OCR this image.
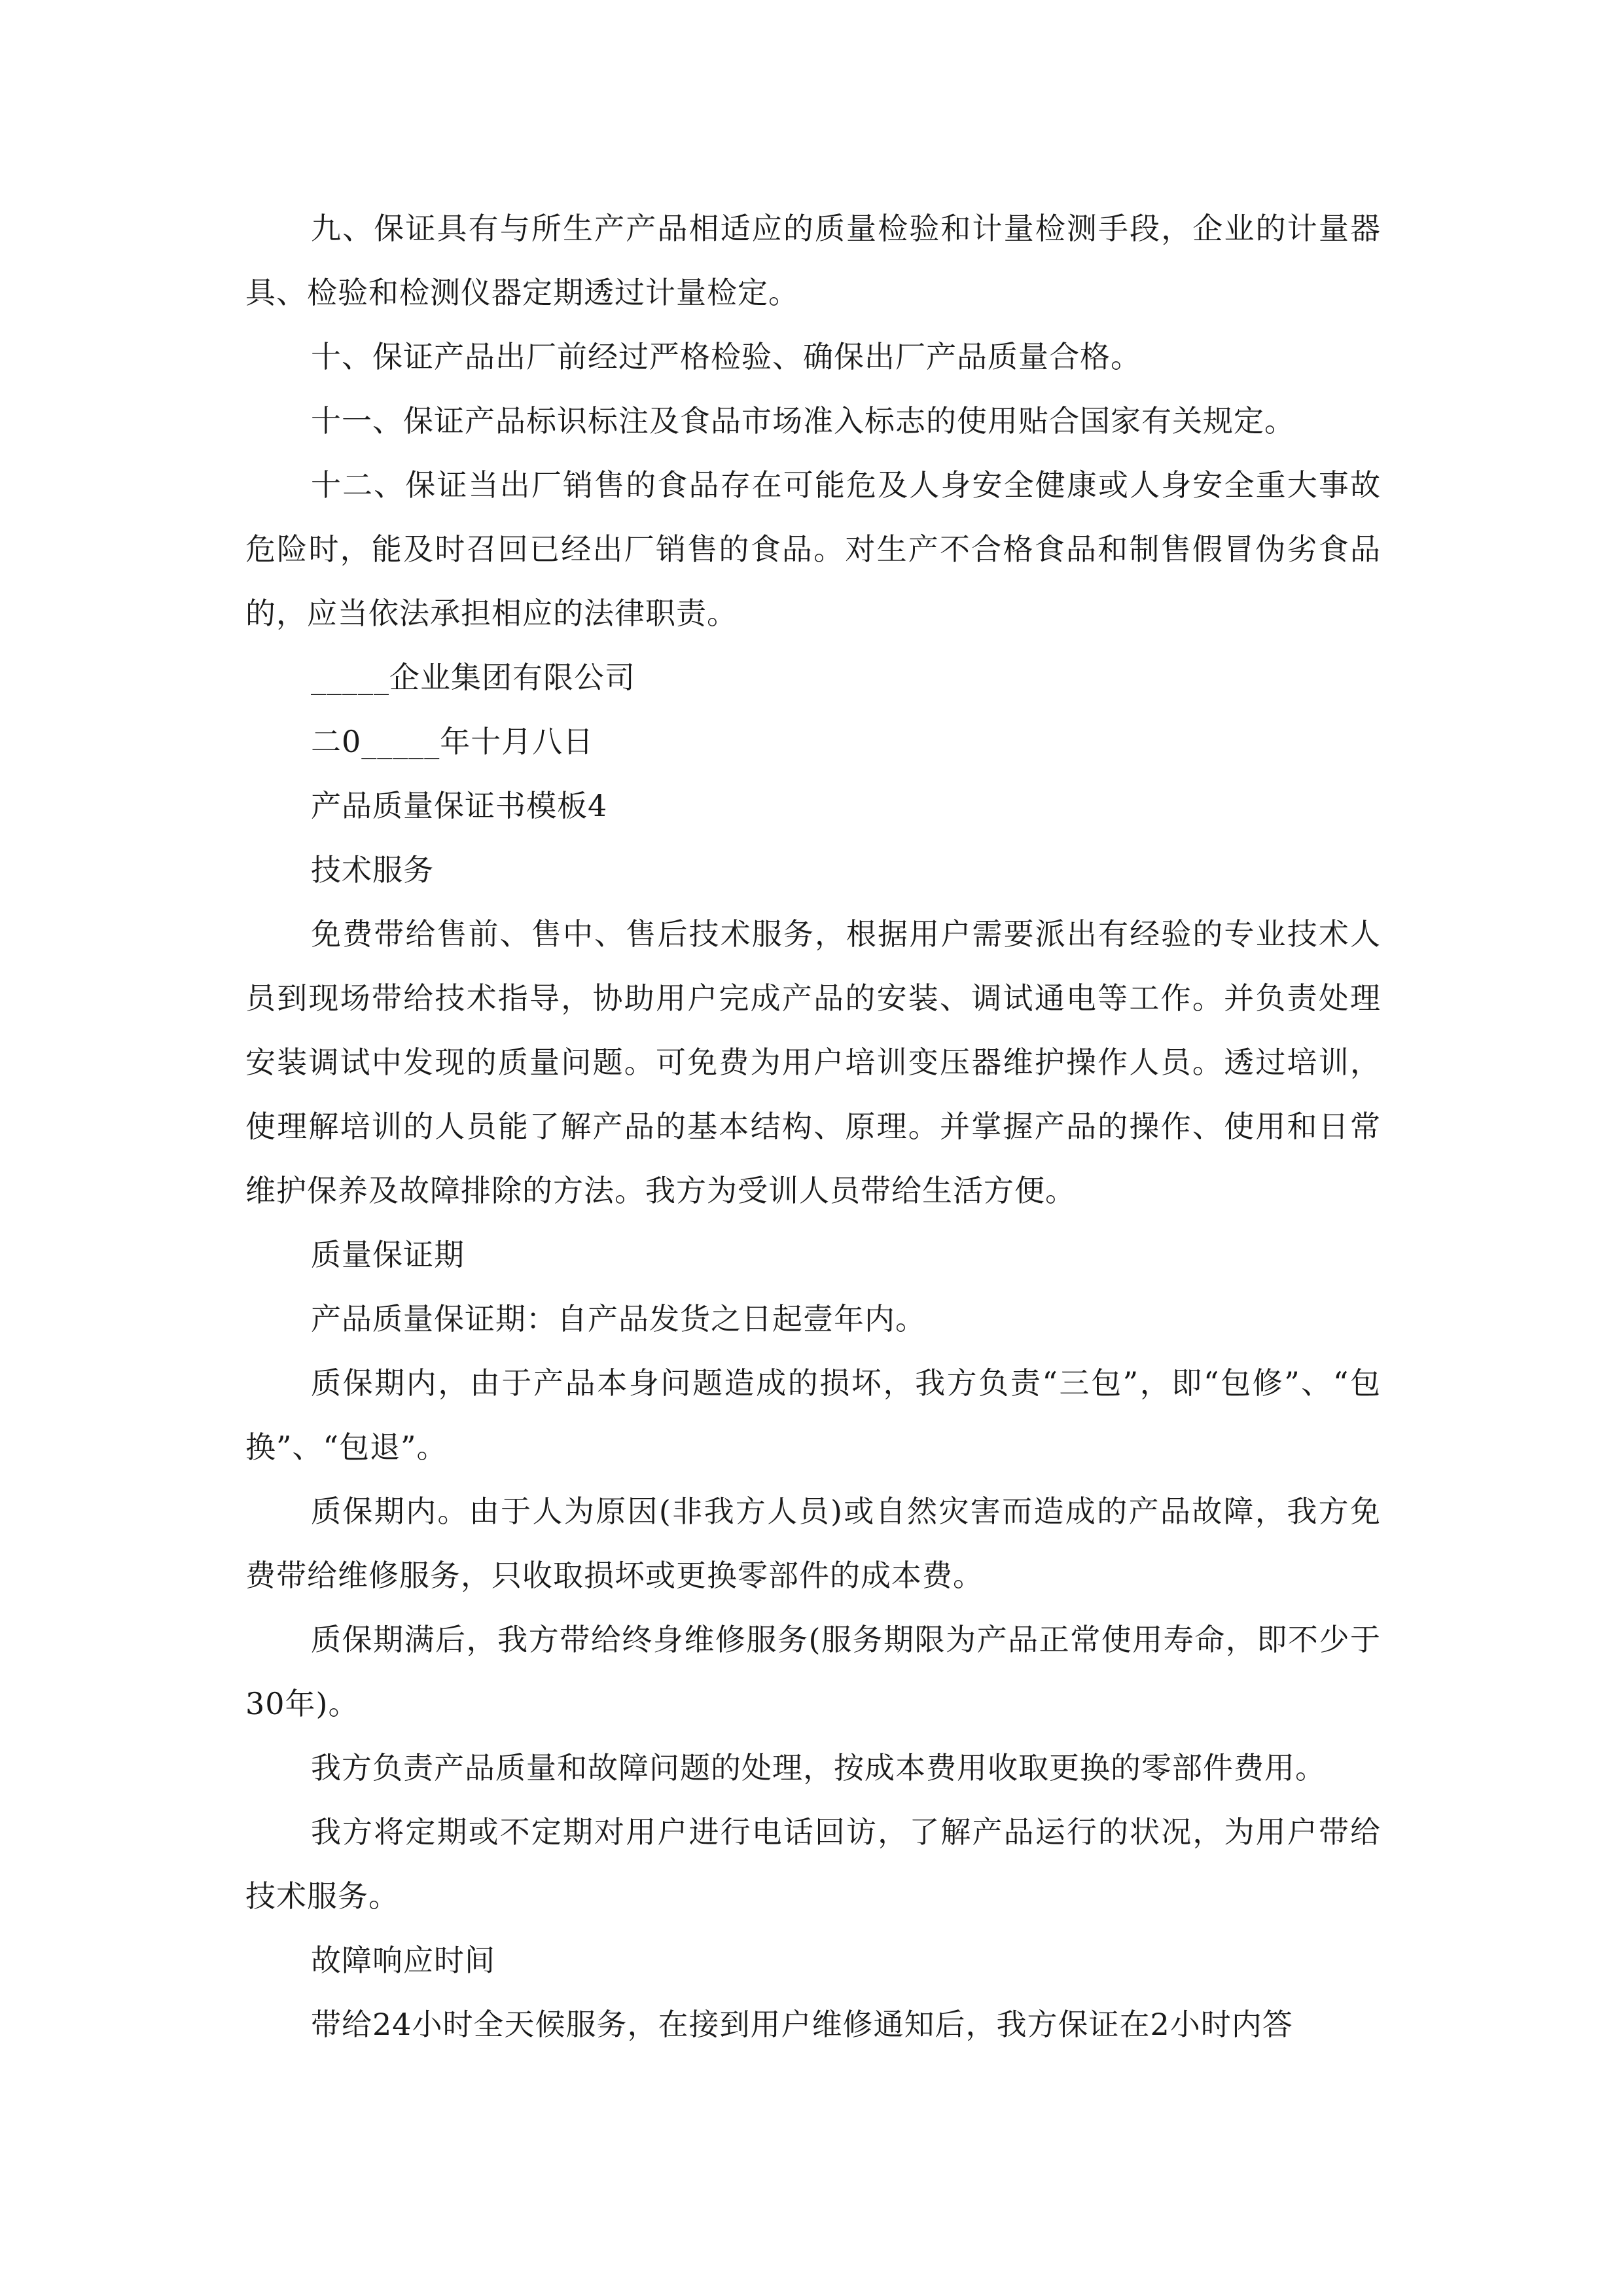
九、保证具有与所生产产品相适应的质量检验和计量检测手段，企业的计量器具、检验和检测仪器定期透过计量检定。

十、保证产品出厂前经过严格检验、确保出厂产品质量合格。

十一、保证产品标识标注及食品市场准入标志的使用贴合国家有关规定。

十二、保证当出厂销售的食品存在可能危及人身安全健康或人身安全重大事故危险时，能及时召回已经出厂销售的食品。对生产不合格食品和制售假冒伪劣食品的，应当依法承担相应的法律职责。

_____企业集团有限公司

二0_____年十月八日

产品质量保证书模板4

技术服务

免费带给售前、售中、售后技术服务，根据用户需要派出有经验的专业技术人员到现场带给技术指导，协助用户完成产品的安装、调试通电等工作。并负责处理安装调试中发现的质量问题。可免费为用户培训变压器维护操作人员。透过培训，使理解培训的人员能了解产品的基本结构、原理。并掌握产品的操作、使用和日常维护保养及故障排除的方法。我方为受训人员带给生活方便。

质量保证期

产品质量保证期：自产品发货之日起壹年内。

质保期内，由于产品本身问题造成的损坏，我方负责“三包”，即“包修”、“包换”、“包退”。

质保期内。由于人为原因(非我方人员)或自然灾害而造成的产品故障，我方免费带给维修服务，只收取损坏或更换零部件的成本费。

质保期满后，我方带给终身维修服务(服务期限为产品正常使用寿命，即不少于30年)。

我方负责产品质量和故障问题的处理，按成本费用收取更换的零部件费用。

我方将定期或不定期对用户进行电话回访，了解产品运行的状况，为用户带给技术服务。

故障响应时间

带给24小时全天候服务，在接到用户维修通知后，我方保证在2小时内答
